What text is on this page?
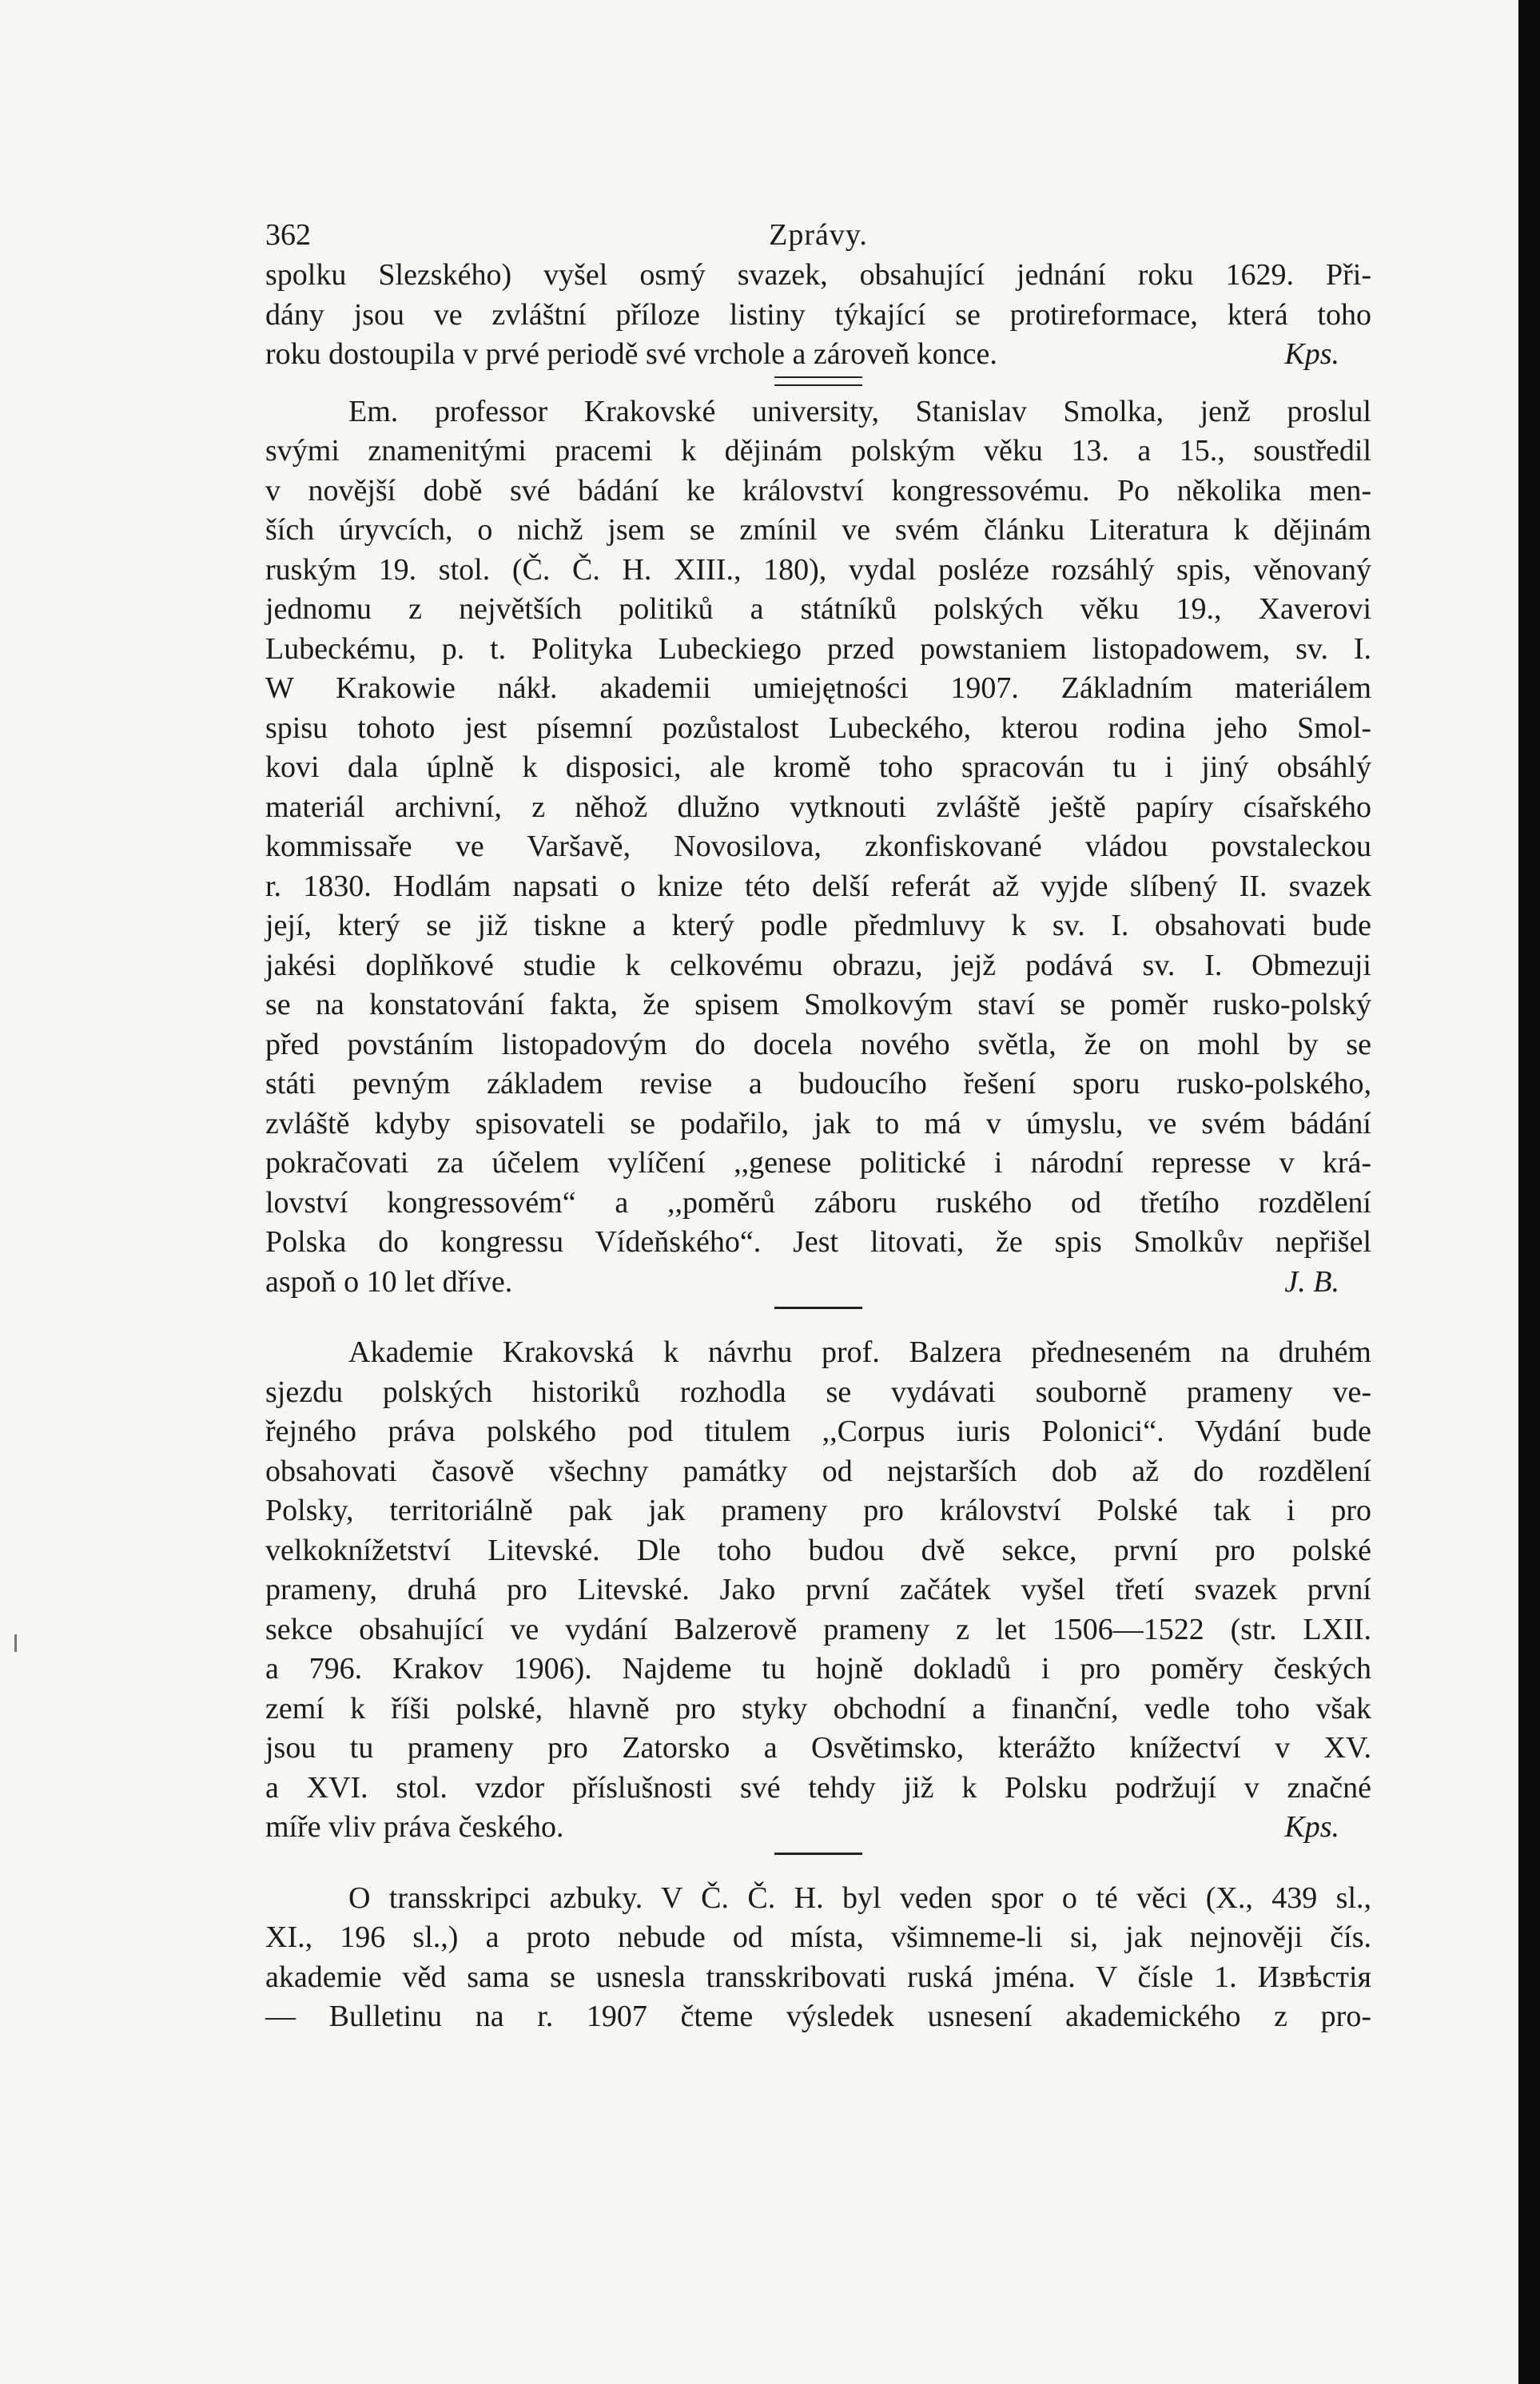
362	Zprávy.
spolku Slezského) vyšel osmý svazek, obsahující jednání roku 1629. Při-
dány jsou ve zvláštní příloze listiny týkající se protireformace, která toho
roku dostoupila v prvé periodě své vrchole a zároveň konce.	Kps.
Em. professor Krakovské university, Stanislav Smolka, jenž proslul
svými znamenitými pracemi k dějinám polským věku 13. a 15., soustředil
v novější době své bádání ke království kongressovému. Po několika men-
ších úryvcích, o nichž jsem se zmínil ve svém článku Literatura k dějinám
ruským 19. stol. (Č. Č. H. XIII., 180), vydal posléze rozsáhlý spis, věnovaný
jednomu z největších politiků a státníků polských věku 19., Xaverovi
Lubeckému, p. t. Polityka Lubeckiego przed powstaniem listopadowem, sv. I.
W Krakowie nákł. akademii umiejętności 1907. Základním materiálem
spisu tohoto jest písemní pozůstalost Lubeckého, kterou rodina jeho Smol-
kovi dala úplně k disposici, ale kromě toho spracován tu i jiný obsáhlý
materiál archivní, z něhož dlužno vytknouti zvláště ještě papíry císařského
kommissaře ve Varšavě, Novosilova, zkonfiskované vládou povstaleckou
r. 1830. Hodlám napsati o knize této delší referát až vyjde slíbený II. svazek
její, který se již tiskne a který podle předmluvy k sv. I. obsahovati bude
jakési doplňkové studie k celkovému obrazu, jejž podává sv. I. Obmezuji
se na konstatování fakta, že spisem Smolkovým staví se poměr rusko-polský
před povstáním listopadovým do docela nového světla, že on mohl by se
státi pevným základem revise a budoucího řešení sporu rusko-polského,
zvláště kdyby spisovateli se podařilo, jak to má v úmyslu, ve svém bádání
pokračovati za účelem vylíčení ,,genese politické i národní represse v krá-
lovství kongressovém“ a ,,poměrů záboru ruského od třetího rozdělení
Polska do kongressu Vídeňského“. Jest litovati, že spis Smolkův nepřišel
aspoň o 10 let dříve.	J. B.
Akademie Krakovská k návrhu prof. Balzera předneseném na druhém
sjezdu polských historiků rozhodla se vydávati souborně prameny ve-
řejného práva polského pod titulem ,,Corpus iuris Polonici“. Vydání bude
obsahovati časově všechny památky od nejstarších dob až do rozdělení
Polsky, territoriálně pak jak prameny pro království Polské tak i pro
velkoknížetství Litevské. Dle toho budou dvě sekce, první pro polské
prameny, druhá pro Litevské. Jako první začátek vyšel třetí svazek první
sekce obsahující ve vydání Balzerově prameny z let 1506—1522 (str. LXII.
a 796. Krakov 1906). Najdeme tu hojně dokladů i pro poměry českých
zemí k říši polské, hlavně pro styky obchodní a finanční, vedle toho však
jsou tu prameny pro Zatorsko a Osvětimsko, kterážto knížectví v XV.
a XVI. stol. vzdor příslušnosti své tehdy již k Polsku podržují v značné
míře vliv práva českého.	Kps.
O transskripci azbuky. V Č. Č. H. byl veden spor o té věci (X., 439 sl.,
XI., 196 sl.,) a proto nebude od místa, všimneme-li si, jak nejnověji čís.
akademie věd sama se usnesla transskribovati ruská jména. V čísle 1. Извѣстія
— Bulletinu na r. 1907 čteme výsledek usnesení akademického z pro-
